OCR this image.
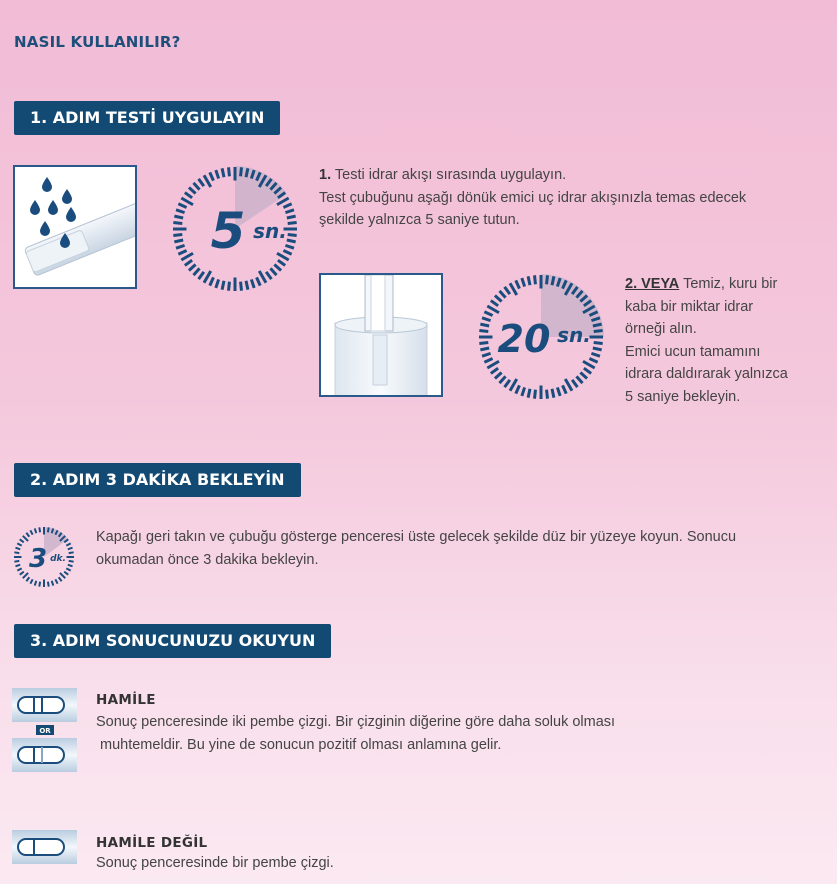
NASIL KULLANILIR?
1. ADIM TESTİ UYGULAYIN
5 sn.
1. Testi idrar akışı sırasında uygulayın.
Test çubuğunu aşağı dönük emici uç idrar akışınızla temas edecek
şekilde yalnızca 5 saniye tutun.
20 sn.
2. VEYA Temiz, kuru bir
kaba bir miktar idrar
örneği alın.
Emici ucun tamamını
idrara daldırarak yalnızca
5 saniye bekleyin.
2. ADIM 3 DAKİKA BEKLEYİN
3 dk.
Kapağı geri takın ve çubuğu gösterge penceresi üste gelecek şekilde düz bir yüzeye koyun. Sonucu
okumadan önce 3 dakika bekleyin.
3. ADIM SONUCUNUZU OKUYUN
OR
HAMİLE
Sonuç penceresinde iki pembe çizgi. Bir çizginin diğerine göre daha soluk olması
muhtemeldir. Bu yine de sonucun pozitif olması anlamına gelir.
HAMİLE DEĞİL
Sonuç penceresinde bir pembe çizgi.
